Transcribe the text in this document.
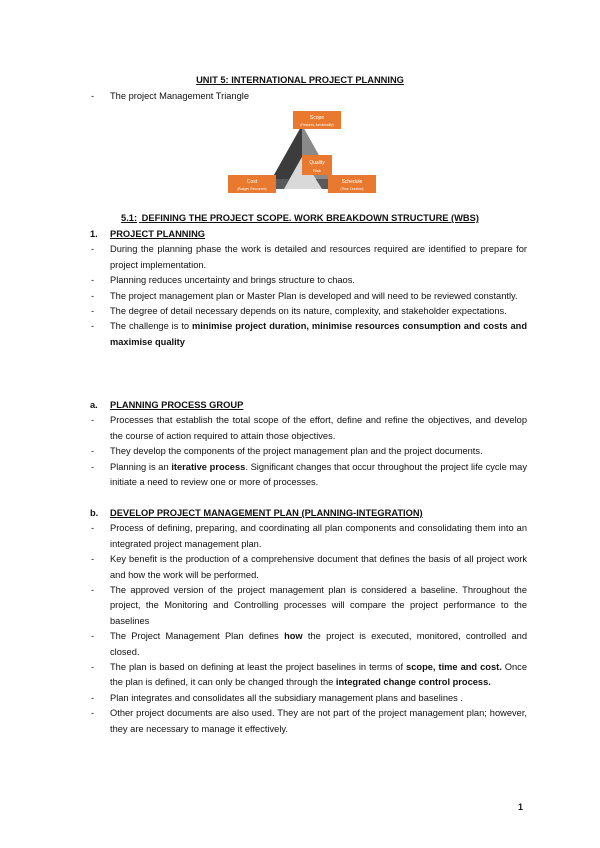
UNIT 5: INTERNATIONAL PROJECT PLANNING
- The project Management Triangle
Scope
(Features, functionality)
Quality
Risk
Cost
(Budget, Resources)
Schedule
(Time, Duration)
5.1: DEFINING THE PROJECT SCOPE. WORK BREAKDOWN STRUCTURE (WBS)
1. PROJECT PLANNING
- During the planning phase the work is detailed and resources required are identified to prepare for project implementation.
- Planning reduces uncertainty and brings structure to chaos.
- The project management plan or Master Plan is developed and will need to be reviewed constantly.
- The degree of detail necessary depends on its nature, complexity, and stakeholder expectations.
- The challenge is to minimise project duration, minimise resources consumption and costs and maximise quality
a. PLANNING PROCESS GROUP
- Processes that establish the total scope of the effort, define and refine the objectives, and develop the course of action required to attain those objectives.
- They develop the components of the project management plan and the project documents.
- Planning is an iterative process. Significant changes that occur throughout the project life cycle may initiate a need to review one or more of processes.
b. DEVELOP PROJECT MANAGEMENT PLAN (PLANNING-INTEGRATION)
- Process of defining, preparing, and coordinating all plan components and consolidating them into an integrated project management plan.
- Key benefit is the production of a comprehensive document that defines the basis of all project work and how the work will be performed.
- The approved version of the project management plan is considered a baseline. Throughout the project, the Monitoring and Controlling processes will compare the project performance to the baselines
- The Project Management Plan defines how the project is executed, monitored, controlled and closed.
- The plan is based on defining at least the project baselines in terms of scope, time and cost. Once the plan is defined, it can only be changed through the integrated change control process.
- Plan integrates and consolidates all the subsidiary management plans and baselines .
- Other project documents are also used. They are not part of the project management plan; however, they are necessary to manage it effectively.
1
